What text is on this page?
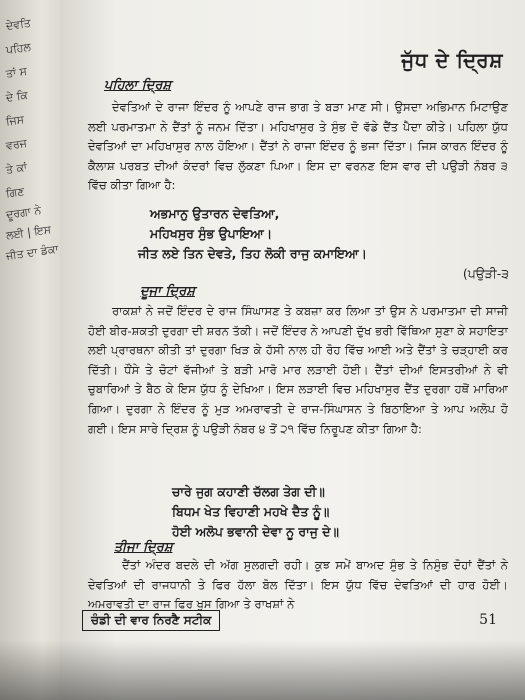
ਦੇਵਤਿ
ਪਹਿਲ
ਤਾਂ ਸ
ਦੇ ਕਿ
ਜਿਸ
ਵਰਜ
ਤੇ ਕਾਂ
ਗਿਣ
ਦੂਰਗਾ ਨੇ
ਲਈ | ਇਸ
ਜੀਤ ਦਾ ਡੰਕਾ
ਜੁੱਧ ਦੇ ਦ੍ਰਿਸ਼
ਪਹਿਲਾ ਦ੍ਰਿਸ਼
ਦੇਵਤਿਆਂ ਦੇ ਰਾਜਾ ਇੰਦਰ ਨੂੰ ਆਪਣੇ ਰਾਜ ਭਾਗ ਤੇ ਬੜਾ ਮਾਣ ਸੀ। ਉਸਦਾ ਅਭਿਮਾਨ ਮਿਟਾਉਣ ਲਈ ਪਰਮਾਤਮਾ ਨੇ ਦੈਂਤਾਂ ਨੂੰ ਜਨਮ ਦਿੱਤਾ। ਮਹਿਖਾਸੁਰ ਤੇ ਸੁੰਭ ਦੋ ਵੱਡੇ ਦੈਂਤ ਪੈਦਾ ਕੀਤੇ। ਪਹਿਲਾ ਯੁੱਧ ਦੇਵਤਿਆਂ ਦਾ ਮਹਿਖਾਸੁਰ ਨਾਲ ਹੋਇਆ। ਦੈਂਤਾਂ ਨੇ ਰਾਜਾ ਇੰਦਰ ਨੂੰ ਭਜਾ ਦਿੱਤਾ। ਜਿਸ ਕਾਰਨ ਇੰਦਰ ਨੂੰ ਕੈਲਾਸ਼ ਪਰਬਤ ਦੀਆਂ ਕੰਦਰਾਂ ਵਿਚ ਲੁੱਕਣਾ ਪਿਆ। ਇਸ ਦਾ ਵਰਨਣ ਇਸ ਵਾਰ ਦੀ ਪਉੜੀ ਨੰਬਰ ੩ ਵਿੱਚ ਕੀਤਾ ਗਿਆ ਹੈ:
ਅਭਮਾਨੁ ਉਤਾਰਨ ਦੇਵਤਿਆ,
ਮਹਿਖਸੁਰ ਸੁੰਭ ਉਪਾਇਆ।
ਜੀਤ ਲਏ ਤਿਨ ਦੇਵਤੇ, ਤਿਹ ਲੋਕੀ ਰਾਜੁ ਕਮਾਇਆ।
(ਪਉੜੀ-੩
ਦੂਜਾ ਦ੍ਰਿਸ਼
ਰਾਕਸ਼ਾਂ ਨੇ ਜਦੋਂ ਇੰਦਰ ਦੇ ਰਾਜ ਸਿੰਘਾਸਣ ਤੇ ਕਬਜ਼ਾ ਕਰ ਲਿਆ ਤਾਂ ਉਸ ਨੇ ਪਰਮਾਤਮਾ ਦੀ ਸਾਜੀ ਹੋਈ ਬੀਰ-ਸ਼ਕਤੀ ਦੁਰਗਾ ਦੀ ਸ਼ਰਨ ਤੱਕੀ। ਜਦੋਂ ਇੰਦਰ ਨੇ ਆਪਣੀ ਦੁੱਖ ਭਰੀ ਵਿੱਥਿਆ ਸੁਣਾ ਕੇ ਸਹਾਇਤਾ ਲਈ ਪ੍ਰਾਰਥਨਾ ਕੀਤੀ ਤਾਂ ਦੁਰਗਾ ਖਿੜ ਕੇ ਹੱਸੀ ਨਾਲ ਹੀ ਰੋਹ ਵਿੱਚ ਆਈ ਅਤੇ ਦੈਂਤਾਂ ਤੇ ਚੜ੍ਹਾਈ ਕਰ ਦਿੱਤੀ। ਧੌਂਸੇ ਤੇ ਚੋਟਾਂ ਵੱਜੀਆਂ ਤੇ ਬੜੀ ਮਾਰੋ ਮਾਰ ਲੜਾਈ ਹੋਈ। ਦੈਂਤਾਂ ਦੀਆਂ ਇਸਤਰੀਆਂ ਨੇ ਵੀ ਚੁਬਾਰਿਆਂ ਤੇ ਬੈਠ ਕੇ ਇਸ ਯੁੱਧ ਨੂੰ ਦੇਖਿਆ। ਇਸ ਲੜਾਈ ਵਿਚ ਮਹਿਖਾਸੁਰ ਦੈਂਤ ਦੁਰਗਾ ਹਥੋਂ ਮਾਰਿਆ ਗਿਆ। ਦੁਰਗਾ ਨੇ ਇੰਦਰ ਨੂੰ ਮੁੜ ਅਮਰਾਵਤੀ ਦੇ ਰਾਜ-ਸਿੰਘਾਸਨ ਤੇ ਬਿਠਾਇਆ ਤੇ ਆਪ ਅਲੋਪ ਹੋ ਗਈ। ਇਸ ਸਾਰੇ ਦ੍ਰਿਸ਼ ਨੂੰ ਪਉੜੀ ਨੰਬਰ ੪ ਤੋਂ ੨੧ ਵਿੱਚ ਨਿਰੂਪਣ ਕੀਤਾ ਗਿਆ ਹੈ:
ਚਾਰੇ ਜੁਗ ਕਹਾਣੀ ਚੱਲਗ ਤੇਗ ਦੀ॥
ਬਿਧਮ ਖੇਤ ਵਿਹਾਣੀ ਮਹਖੇ ਦੈਤ ਨੂੰ॥
ਹੋਈ ਅਲੋਪ ਭਵਾਨੀ ਦੇਵਾ ਨੂ ਰਾਜੁ ਦੇ॥
ਤੀਜਾ ਦ੍ਰਿਸ਼
ਦੈਂਤਾਂ ਅੰਦਰ ਬਦਲੇ ਦੀ ਅੱਗ ਸੁਲਗਦੀ ਰਹੀ। ਕੁਝ ਸਮੇਂ ਬਾਅਦ ਸੁੰਭ ਤੇ ਨਿਸੁੰਭ ਦੋਹਾਂ ਦੈਂਤਾਂ ਨੇ ਦੇਵਤਿਆਂ ਦੀ ਰਾਜਧਾਨੀ ਤੇ ਫਿਰ ਹੱਲਾ ਬੋਲ ਦਿੱਤਾ। ਇਸ ਯੁੱਧ ਵਿੱਚ ਦੇਵਤਿਆਂ ਦੀ ਹਾਰ ਹੋਈ। ਅਮਰਾਵਤੀ ਦਾ ਰਾਜ ਫਿਰ ਖੁਸ ਗਿਆ ਤੇ ਰਾਖਸ਼ਾਂ ਨੇ
ਚੰਡੀ ਦੀ ਵਾਰ ਨਿਰਣੈ ਸਟੀਕ	51
